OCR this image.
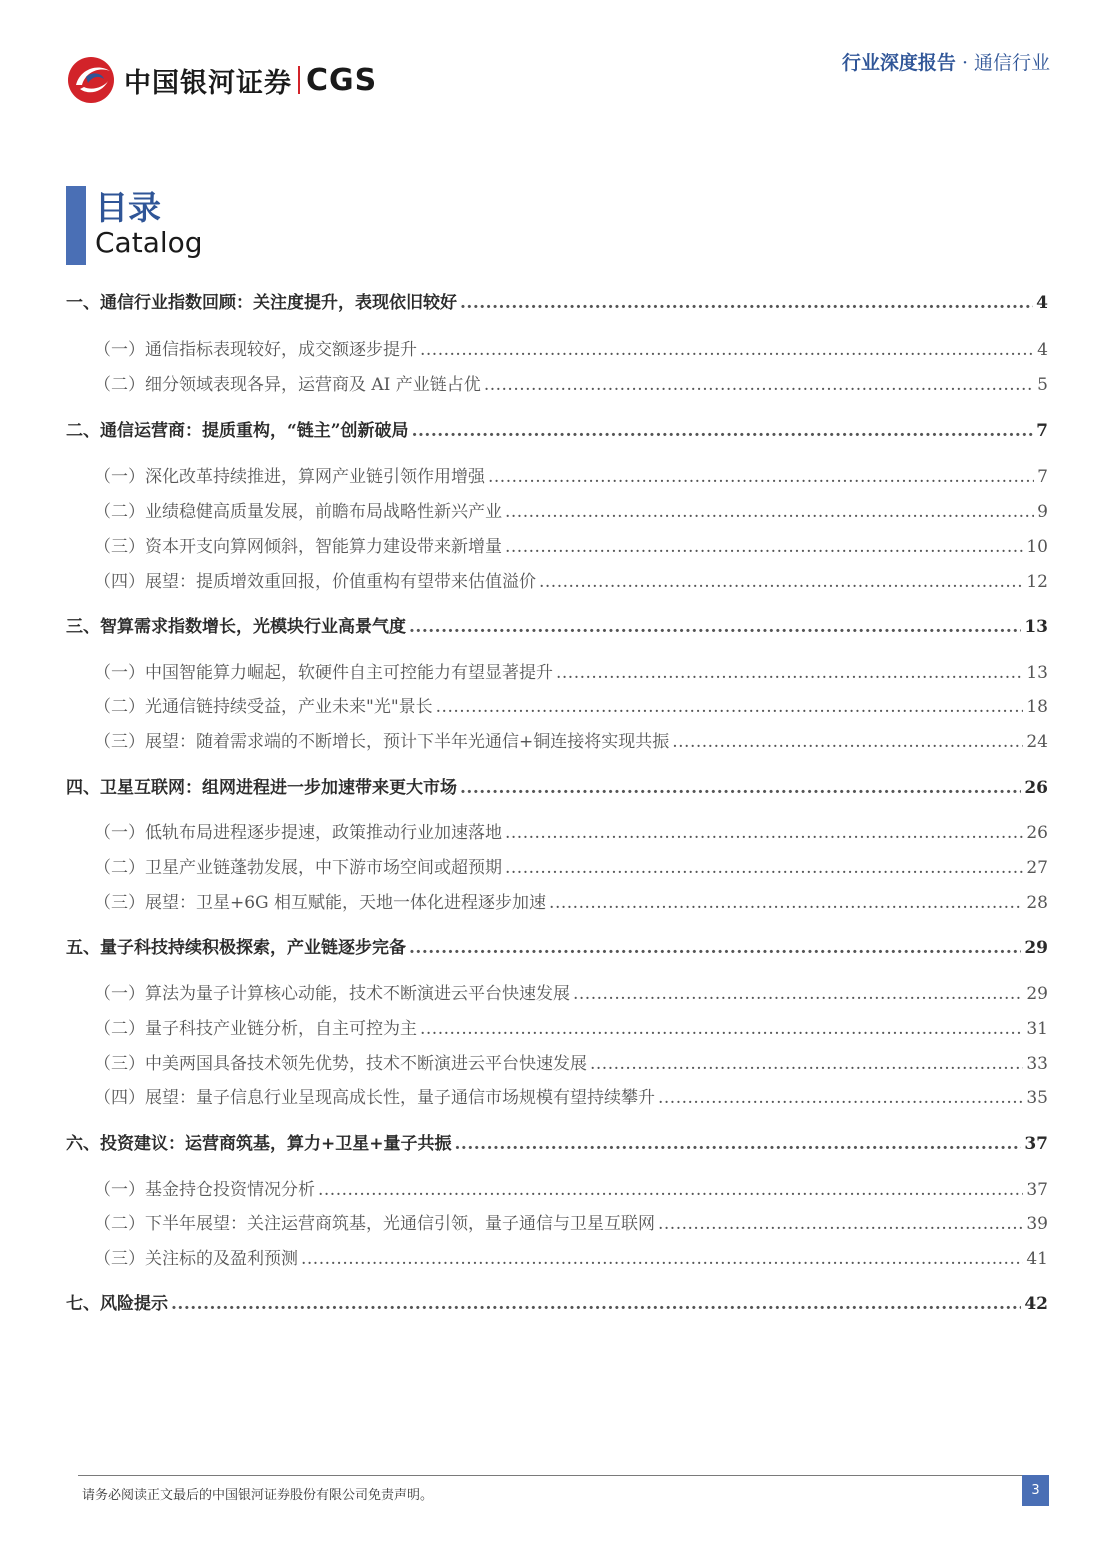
中国银河证券 CGS	行业深度报告 · 通信行业
目录
Catalog
一、 通信行业指数回顾：关注度提升，表现依旧较好 .....	4
（一） 通信指标表现较好，成交额逐步提升 .....	4
（二） 细分领域表现各异，运营商及 AI 产业链占优 .....	5
二、 通信运营商：提质重构，“链主”创新破局 .....	7
（一） 深化改革持续推进，算网产业链引领作用增强 .....	7
（二） 业绩稳健高质量发展，前瞻布局战略性新兴产业 .....	9
（三） 资本开支向算网倾斜，智能算力建设带来新增量 .....	10
（四） 展望：提质增效重回报，价值重构有望带来估值溢价 .....	12
三、 智算需求指数增长，光模块行业高景气度 .....	13
（一） 中国智能算力崛起，软硬件自主可控能力有望显著提升 .....	13
（二） 光通信链持续受益，产业未来"光"景长 .....	18
（三） 展望：随着需求端的不断增长，预计下半年光通信+铜连接将实现共振 .....	24
四、 卫星互联网：组网进程进一步加速带来更大市场 .....	26
（一） 低轨布局进程逐步提速，政策推动行业加速落地 .....	26
（二） 卫星产业链蓬勃发展，中下游市场空间或超预期 .....	27
（三） 展望：卫星+6G 相互赋能，天地一体化进程逐步加速 .....	28
五、 量子科技持续积极探索，产业链逐步完备 .....	29
（一） 算法为量子计算核心动能，技术不断演进云平台快速发展 .....	29
（二） 量子科技产业链分析，自主可控为主 .....	31
（三） 中美两国具备技术领先优势，技术不断演进云平台快速发展 .....	33
（四） 展望：量子信息行业呈现高成长性，量子通信市场规模有望持续攀升 .....	35
六、 投资建议：运营商筑基，算力+卫星+量子共振 .....	37
（一） 基金持仓投资情况分析 .....	37
（二） 下半年展望：关注运营商筑基，光通信引领，量子通信与卫星互联网 .....	39
（三） 关注标的及盈利预测 .....	41
七、 风险提示 .....	42
请务必阅读正文最后的中国银河证券股份有限公司免责声明。	3
